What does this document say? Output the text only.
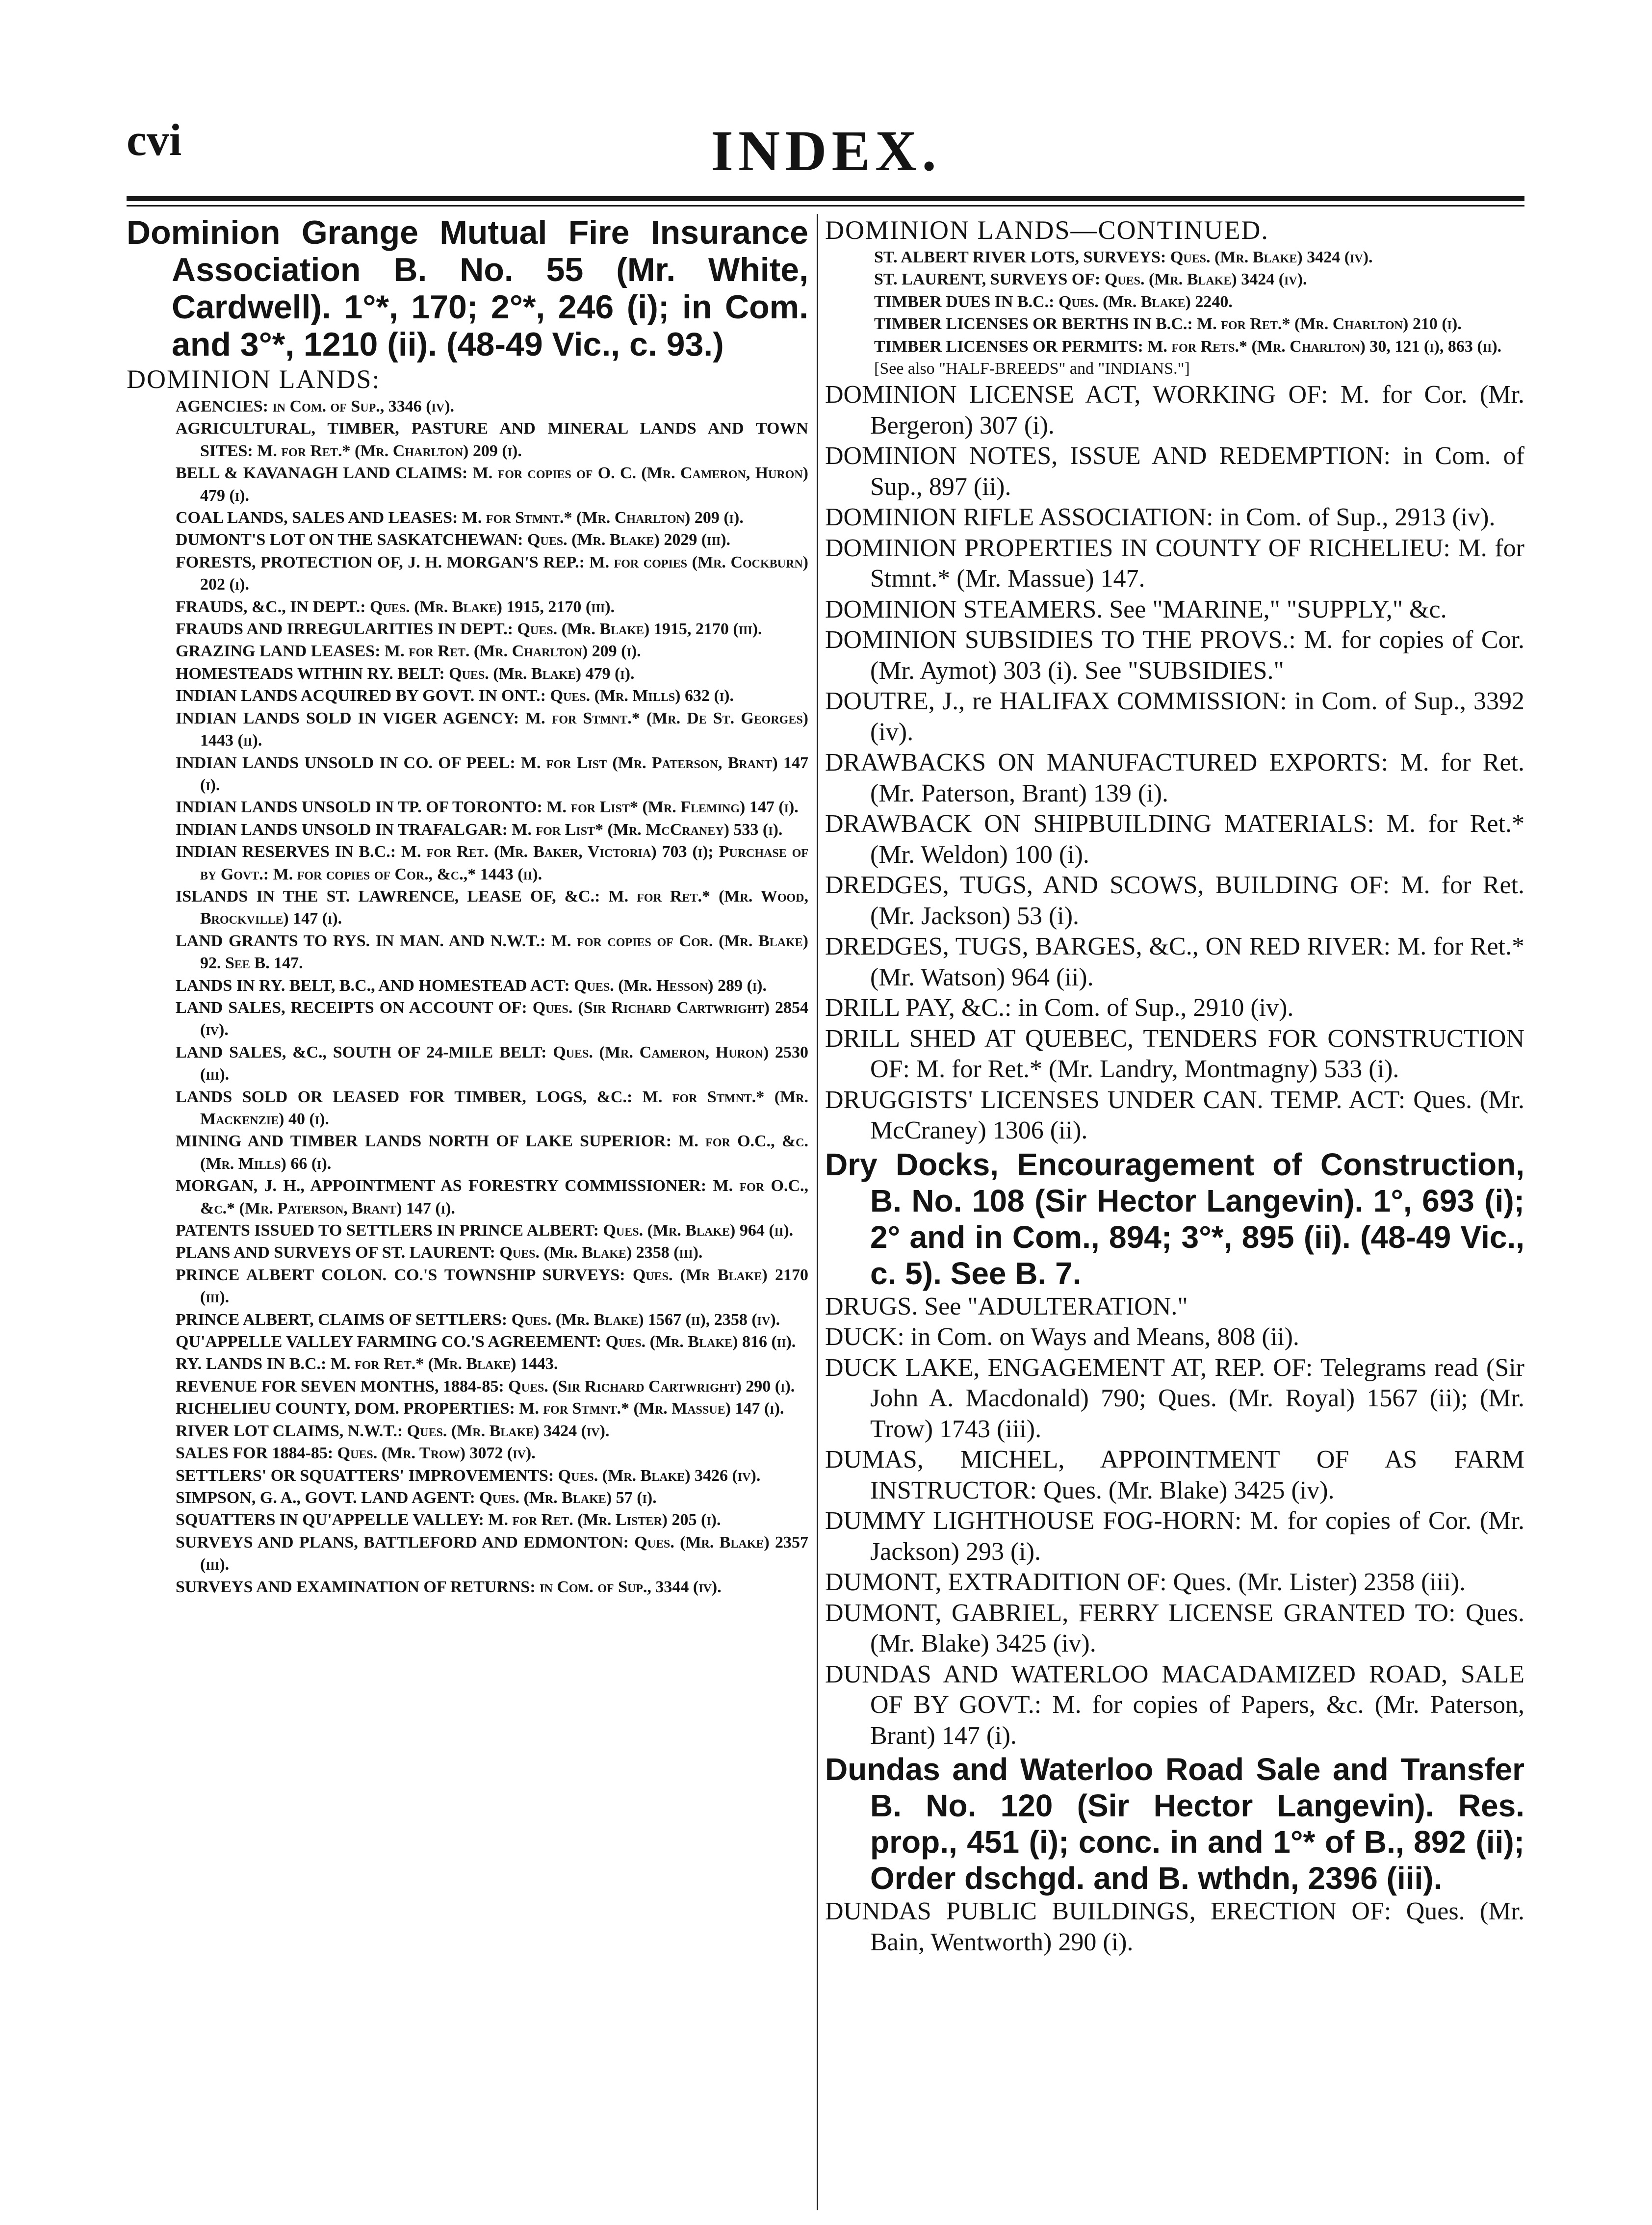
cvi	INDEX.
Dominion Grange Mutual Fire Insurance Association B. No. 55 (Mr. White, Cardwell). 1°*, 170; 2°*, 246 (i); in Com. and 3°*, 1210 (ii). (48-49 Vic., c. 93.)
DOMINION LANDS:
AGENCIES: in Com. of Sup., 3346 (iv).
AGRICULTURAL, TIMBER, PASTURE AND MINERAL LANDS AND TOWN SITES: M. for Ret.* (Mr. Charlton) 209 (i).
BELL & KAVANAGH LAND CLAIMS: M. for copies of O. C. (Mr. Cameron, Huron) 479 (i).
COAL LANDS, SALES AND LEASES: M. for Stmnt.* (Mr. Charlton) 209 (i).
DUMONT'S LOT ON THE SASKATCHEWAN: Ques. (Mr. Blake) 2029 (iii).
FORESTS, PROTECTION OF, J. H. MORGAN'S REP.: M. for copies (Mr. Cockburn) 202 (i).
FRAUDS, &C., IN DEPT.: Ques. (Mr. Blake) 1915, 2170 (iii).
FRAUDS AND IRREGULARITIES IN DEPT.: Ques. (Mr. Blake) 1915, 2170 (iii).
GRAZING LAND LEASES: M. for Ret. (Mr. Charlton) 209 (i).
HOMESTEADS WITHIN RY. BELT: Ques. (Mr. Blake) 479 (i).
INDIAN LANDS ACQUIRED BY GOVT. IN ONT.: Ques. (Mr. Mills) 632 (i).
INDIAN LANDS SOLD IN VIGER AGENCY: M. for Stmnt.* (Mr. De St. Georges) 1443 (ii).
INDIAN LANDS UNSOLD IN CO. OF PEEL: M. for List (Mr. Paterson, Brant) 147 (i).
INDIAN LANDS UNSOLD IN TP. OF TORONTO: M. for List* (Mr. Fleming) 147 (i).
INDIAN LANDS UNSOLD IN TRAFALGAR: M. for List* (Mr. McCraney) 533 (i).
INDIAN RESERVES IN B.C.: M. for Ret. (Mr. Baker, Victoria) 703 (i); Purchase of by Govt.: M. for copies of Cor., &c.,* 1443 (ii).
ISLANDS IN THE ST. LAWRENCE, LEASE OF, &C.: M. for Ret.* (Mr. Wood, Brockville) 147 (i).
LAND GRANTS TO RYS. IN MAN. AND N.W.T.: M. for copies of Cor. (Mr. Blake) 92. See B. 147.
LANDS IN RY. BELT, B.C., AND HOMESTEAD ACT: Ques. (Mr. Hesson) 289 (i).
LAND SALES, RECEIPTS ON ACCOUNT OF: Ques. (Sir Richard Cartwright) 2854 (iv).
LAND SALES, &C., SOUTH OF 24-MILE BELT: Ques. (Mr. Cameron, Huron) 2530 (iii).
LANDS SOLD OR LEASED FOR TIMBER, LOGS, &C.: M. for Stmnt.* (Mr. Mackenzie) 40 (i).
MINING AND TIMBER LANDS NORTH OF LAKE SUPERIOR: M. for O.C., &c. (Mr. Mills) 66 (i).
MORGAN, J. H., APPOINTMENT AS FORESTRY COMMISSIONER: M. for O.C., &c.* (Mr. Paterson, Brant) 147 (i).
PATENTS ISSUED TO SETTLERS IN PRINCE ALBERT: Ques. (Mr. Blake) 964 (ii).
PLANS AND SURVEYS OF ST. LAURENT: Ques. (Mr. Blake) 2358 (iii).
PRINCE ALBERT COLON. CO.'S TOWNSHIP SURVEYS: Ques. (Mr Blake) 2170 (iii).
PRINCE ALBERT, CLAIMS OF SETTLERS: Ques. (Mr. Blake) 1567 (ii), 2358 (iv).
QU'APPELLE VALLEY FARMING CO.'S AGREEMENT: Ques. (Mr. Blake) 816 (ii).
RY. LANDS IN B.C.: M. for Ret.* (Mr. Blake) 1443.
REVENUE FOR SEVEN MONTHS, 1884-85: Ques. (Sir Richard Cartwright) 290 (i).
RICHELIEU COUNTY, DOM. PROPERTIES: M. for Stmnt.* (Mr. Massue) 147 (i).
RIVER LOT CLAIMS, N.W.T.: Ques. (Mr. Blake) 3424 (iv).
SALES FOR 1884-85: Ques. (Mr. Trow) 3072 (iv).
SETTLERS' OR SQUATTERS' IMPROVEMENTS: Ques. (Mr. Blake) 3426 (iv).
SIMPSON, G. A., GOVT. LAND AGENT: Ques. (Mr. Blake) 57 (i).
SQUATTERS IN QU'APPELLE VALLEY: M. for Ret. (Mr. Lister) 205 (i).
SURVEYS AND PLANS, BATTLEFORD AND EDMONTON: Ques. (Mr. Blake) 2357 (iii).
SURVEYS AND EXAMINATION OF RETURNS: in Com. of Sup., 3344 (iv).
DOMINION LANDS—CONTINUED.
ST. ALBERT RIVER LOTS, SURVEYS: Ques. (Mr. Blake) 3424 (iv).
ST. LAURENT, SURVEYS OF: Ques. (Mr. Blake) 3424 (iv).
TIMBER DUES IN B.C.: Ques. (Mr. Blake) 2240.
TIMBER LICENSES OR BERTHS IN B.C.: M. for Ret.* (Mr. Charlton) 210 (i).
TIMBER LICENSES OR PERMITS: M. for Rets.* (Mr. Charlton) 30, 121 (i), 863 (ii).
[See also "HALF-BREEDS" and "INDIANS."]
DOMINION LICENSE ACT, WORKING OF: M. for Cor. (Mr. Bergeron) 307 (i).
DOMINION NOTES, ISSUE AND REDEMPTION: in Com. of Sup., 897 (ii).
DOMINION RIFLE ASSOCIATION: in Com. of Sup., 2913 (iv).
DOMINION PROPERTIES IN COUNTY OF RICHELIEU: M. for Stmnt.* (Mr. Massue) 147.
DOMINION STEAMERS. See "MARINE," "SUPPLY," &c.
DOMINION SUBSIDIES TO THE PROVS.: M. for copies of Cor. (Mr. Aymot) 303 (i). See "SUBSIDIES."
DOUTRE, J., re HALIFAX COMMISSION: in Com. of Sup., 3392 (iv).
DRAWBACKS ON MANUFACTURED EXPORTS: M. for Ret. (Mr. Paterson, Brant) 139 (i).
DRAWBACK ON SHIPBUILDING MATERIALS: M. for Ret.* (Mr. Weldon) 100 (i).
DREDGES, TUGS, AND SCOWS, BUILDING OF: M. for Ret. (Mr. Jackson) 53 (i).
DREDGES, TUGS, BARGES, &C., ON RED RIVER: M. for Ret.* (Mr. Watson) 964 (ii).
DRILL PAY, &C.: in Com. of Sup., 2910 (iv).
DRILL SHED AT QUEBEC, TENDERS FOR CONSTRUCTION OF: M. for Ret.* (Mr. Landry, Montmagny) 533 (i).
DRUGGISTS' LICENSES UNDER CAN. TEMP. ACT: Ques. (Mr. McCraney) 1306 (ii).
Dry Docks, Encouragement of Construction, B. No. 108 (Sir Hector Langevin). 1°, 693 (i); 2° and in Com., 894; 3°*, 895 (ii). (48-49 Vic., c. 5). See B. 7.
DRUGS. See "ADULTERATION."
DUCK: in Com. on Ways and Means, 808 (ii).
DUCK LAKE, ENGAGEMENT AT, REP. OF: Telegrams read (Sir John A. Macdonald) 790; Ques. (Mr. Royal) 1567 (ii); (Mr. Trow) 1743 (iii).
DUMAS, MICHEL, APPOINTMENT OF AS FARM INSTRUCTOR: Ques. (Mr. Blake) 3425 (iv).
DUMMY LIGHTHOUSE FOG-HORN: M. for copies of Cor. (Mr. Jackson) 293 (i).
DUMONT, EXTRADITION OF: Ques. (Mr. Lister) 2358 (iii).
DUMONT, GABRIEL, FERRY LICENSE GRANTED TO: Ques. (Mr. Blake) 3425 (iv).
DUNDAS AND WATERLOO MACADAMIZED ROAD, SALE OF BY GOVT.: M. for copies of Papers, &c. (Mr. Paterson, Brant) 147 (i).
Dundas and Waterloo Road Sale and Transfer B. No. 120 (Sir Hector Langevin). Res. prop., 451 (i); conc. in and 1°* of B., 892 (ii); Order dschgd. and B. wthdn, 2396 (iii).
DUNDAS PUBLIC BUILDINGS, ERECTION OF: Ques. (Mr. Bain, Wentworth) 290 (i).
